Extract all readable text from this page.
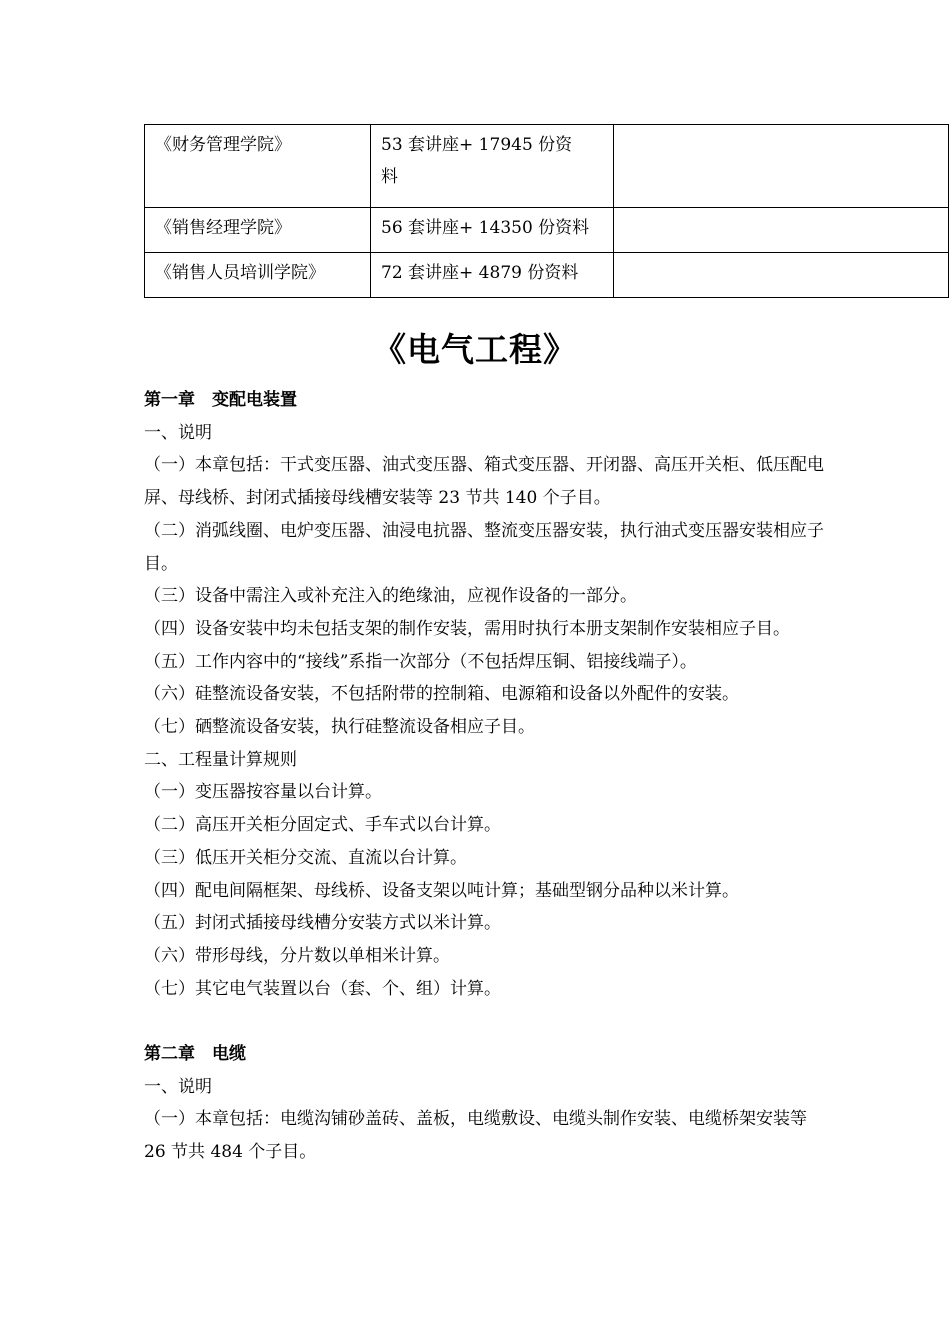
《财务管理学院》	53 套讲座+ 17945 份资
料	
《销售经理学院》	56 套讲座+ 14350 份资料	
《销售人员培训学院》	72 套讲座+ 4879 份资料	
《电气工程》

第一章　变配电装置

一、说明

（一）本章包括：干式变压器、油式变压器、箱式变压器、开闭器、高压开关柜、低压配电屏、母线桥、封闭式插接母线槽安装等 23 节共 140 个子目。

（二）消弧线圈、电炉变压器、油浸电抗器、整流变压器安装，执行油式变压器安装相应子目。

（三）设备中需注入或补充注入的绝缘油，应视作设备的一部分。

（四）设备安装中均未包括支架的制作安装，需用时执行本册支架制作安装相应子目。

（五）工作内容中的“接线”系指一次部分（不包括焊压铜、铝接线端子）。

（六）硅整流设备安装，不包括附带的控制箱、电源箱和设备以外配件的安装。

（七）硒整流设备安装，执行硅整流设备相应子目。

二、工程量计算规则

（一）变压器按容量以台计算。

（二）高压开关柜分固定式、手车式以台计算。

（三）低压开关柜分交流、直流以台计算。

（四）配电间隔框架、母线桥、设备支架以吨计算；基础型钢分品种以米计算。

（五）封闭式插接母线槽分安装方式以米计算。

（六）带形母线，分片数以单相米计算。

（七）其它电气装置以台（套、个、组）计算。

第二章　电缆

一、说明

（一）本章包括：电缆沟铺砂盖砖、盖板，电缆敷设、电缆头制作安装、电缆桥架安装等 26 节共 484 个子目。
